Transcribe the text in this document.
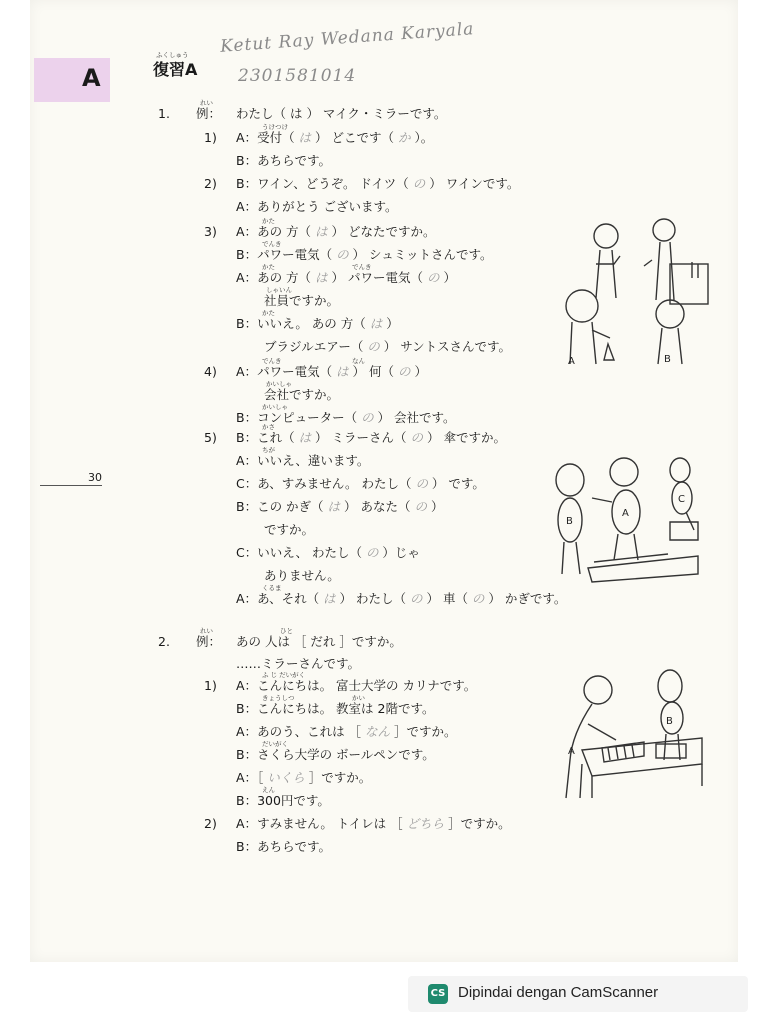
A
ふくしゅう
復習A
Ketut Ray Wedana Karyala
2301581014
30
1.
れい
例： わたし（ は ） マイク・ミラーです。
1) A：受付（ は ） どこです（ か ）。
うけつけ
B：あちらです。
2) B：ワイン、どうぞ。 ドイツ（ の ） ワインです。
A：ありがとう ございます。
3) A：あの 方（ は ） どなたですか。
かた
B：パワー電気（ の ） シュミットさんです。
でんき
A：あの 方（ は ） パワー電気（ の ）
かた	でんき
社員ですか。
しゃいん
B：いいえ。 あの 方（ は ）
かた
ブラジルエアー（ の ） サントスさんです。
4) A：パワー電気（ は ） 何（ の ）
でんき	なん
会社ですか。
かいしゃ
B：コンピューター（ の ） 会社です。
かいしゃ
5) B：これ（ は ） ミラーさん（ の ） 傘ですか。
かさ
A：いいえ、違います。
ちが
C：あ、すみません。 わたし（ の ） です。
B：この かぎ（ は ） あなた（ の ）
ですか。
C：いいえ、 わたし（ の ）じゃ
ありません。
A：あ、それ（ は ） わたし（ の ） 車（ の ） かぎです。
くるま
2.
れい
例：
ひと
あの 人は ［ だれ ］ですか。
……ミラーさんです。
1) A：こんにちは。 富士大学の カリナです。
ふ じ だいがく
B：こんにちは。 教室は 2階です。
きょうしつ	かい
A：あのう、これは ［ なん ］ですか。
B：さくら大学の ボールペンです。
だいがく
A：［ いくら ］ですか。
B：300円です。
えん
2) A：すみません。 トイレは ［ どちら ］ですか。
B：あちらです。
A	B
B
A
C
A
B
CS Dipindai dengan CamScanner
